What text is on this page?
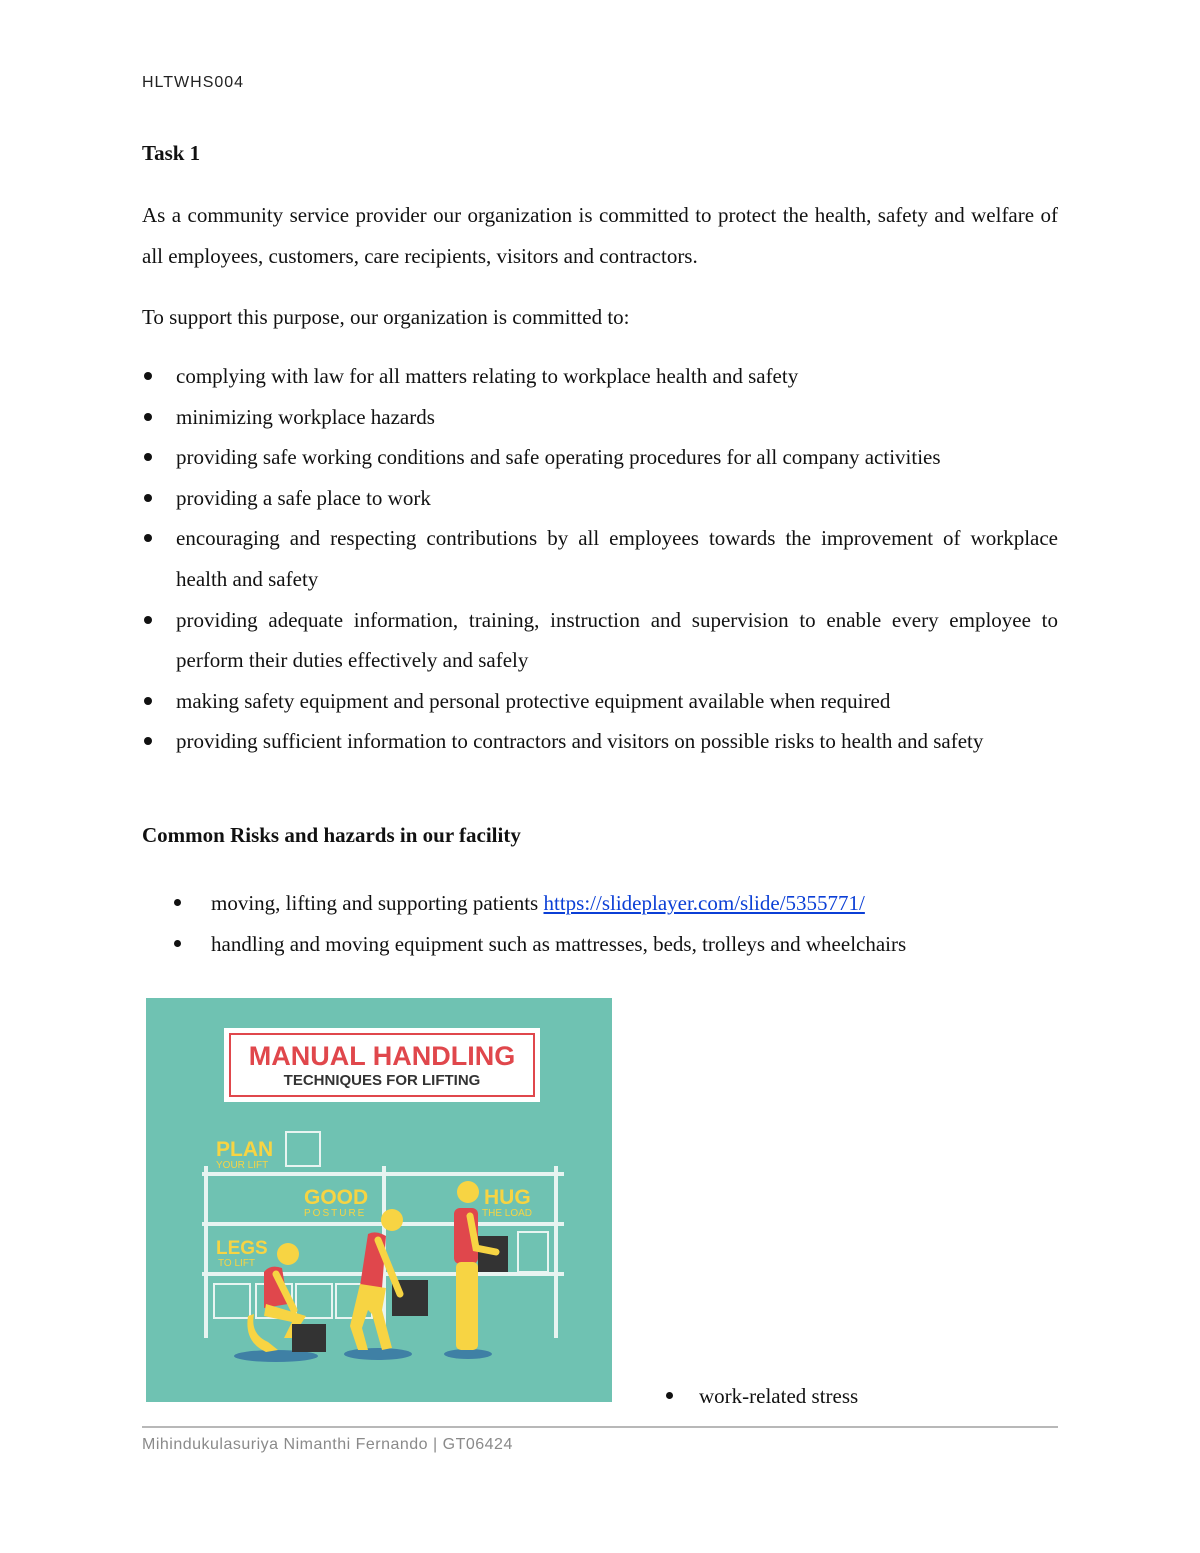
HLTWHS004
Task 1
As a community service provider our organization is committed to protect the health, safety and welfare of all employees, customers, care recipients, visitors and contractors.
To support this purpose, our organization is committed to:
complying with law for all matters relating to workplace health and safety
minimizing workplace hazards
providing safe working conditions and safe operating procedures for all company activities
providing a safe place to work
encouraging and respecting contributions by all employees towards the improvement of workplace health and safety
providing adequate information, training, instruction and supervision to enable every employee to perform their duties effectively and safely
making safety equipment and personal protective equipment available when required
providing sufficient information to contractors and visitors on possible risks to health and safety
Common Risks and hazards in our facility
moving, lifting and supporting patients https://slideplayer.com/slide/5355771/
handling and moving equipment such as mattresses, beds, trolleys and wheelchairs
MANUAL HANDLING
TECHNIQUES FOR LIFTING
PLAN
YOUR LIFT
GOOD
POSTURE
HUG
THE LOAD
LEGS
TO LIFT
work-related stress
Mihindukulasuriya Nimanthi Fernando | GT06424
